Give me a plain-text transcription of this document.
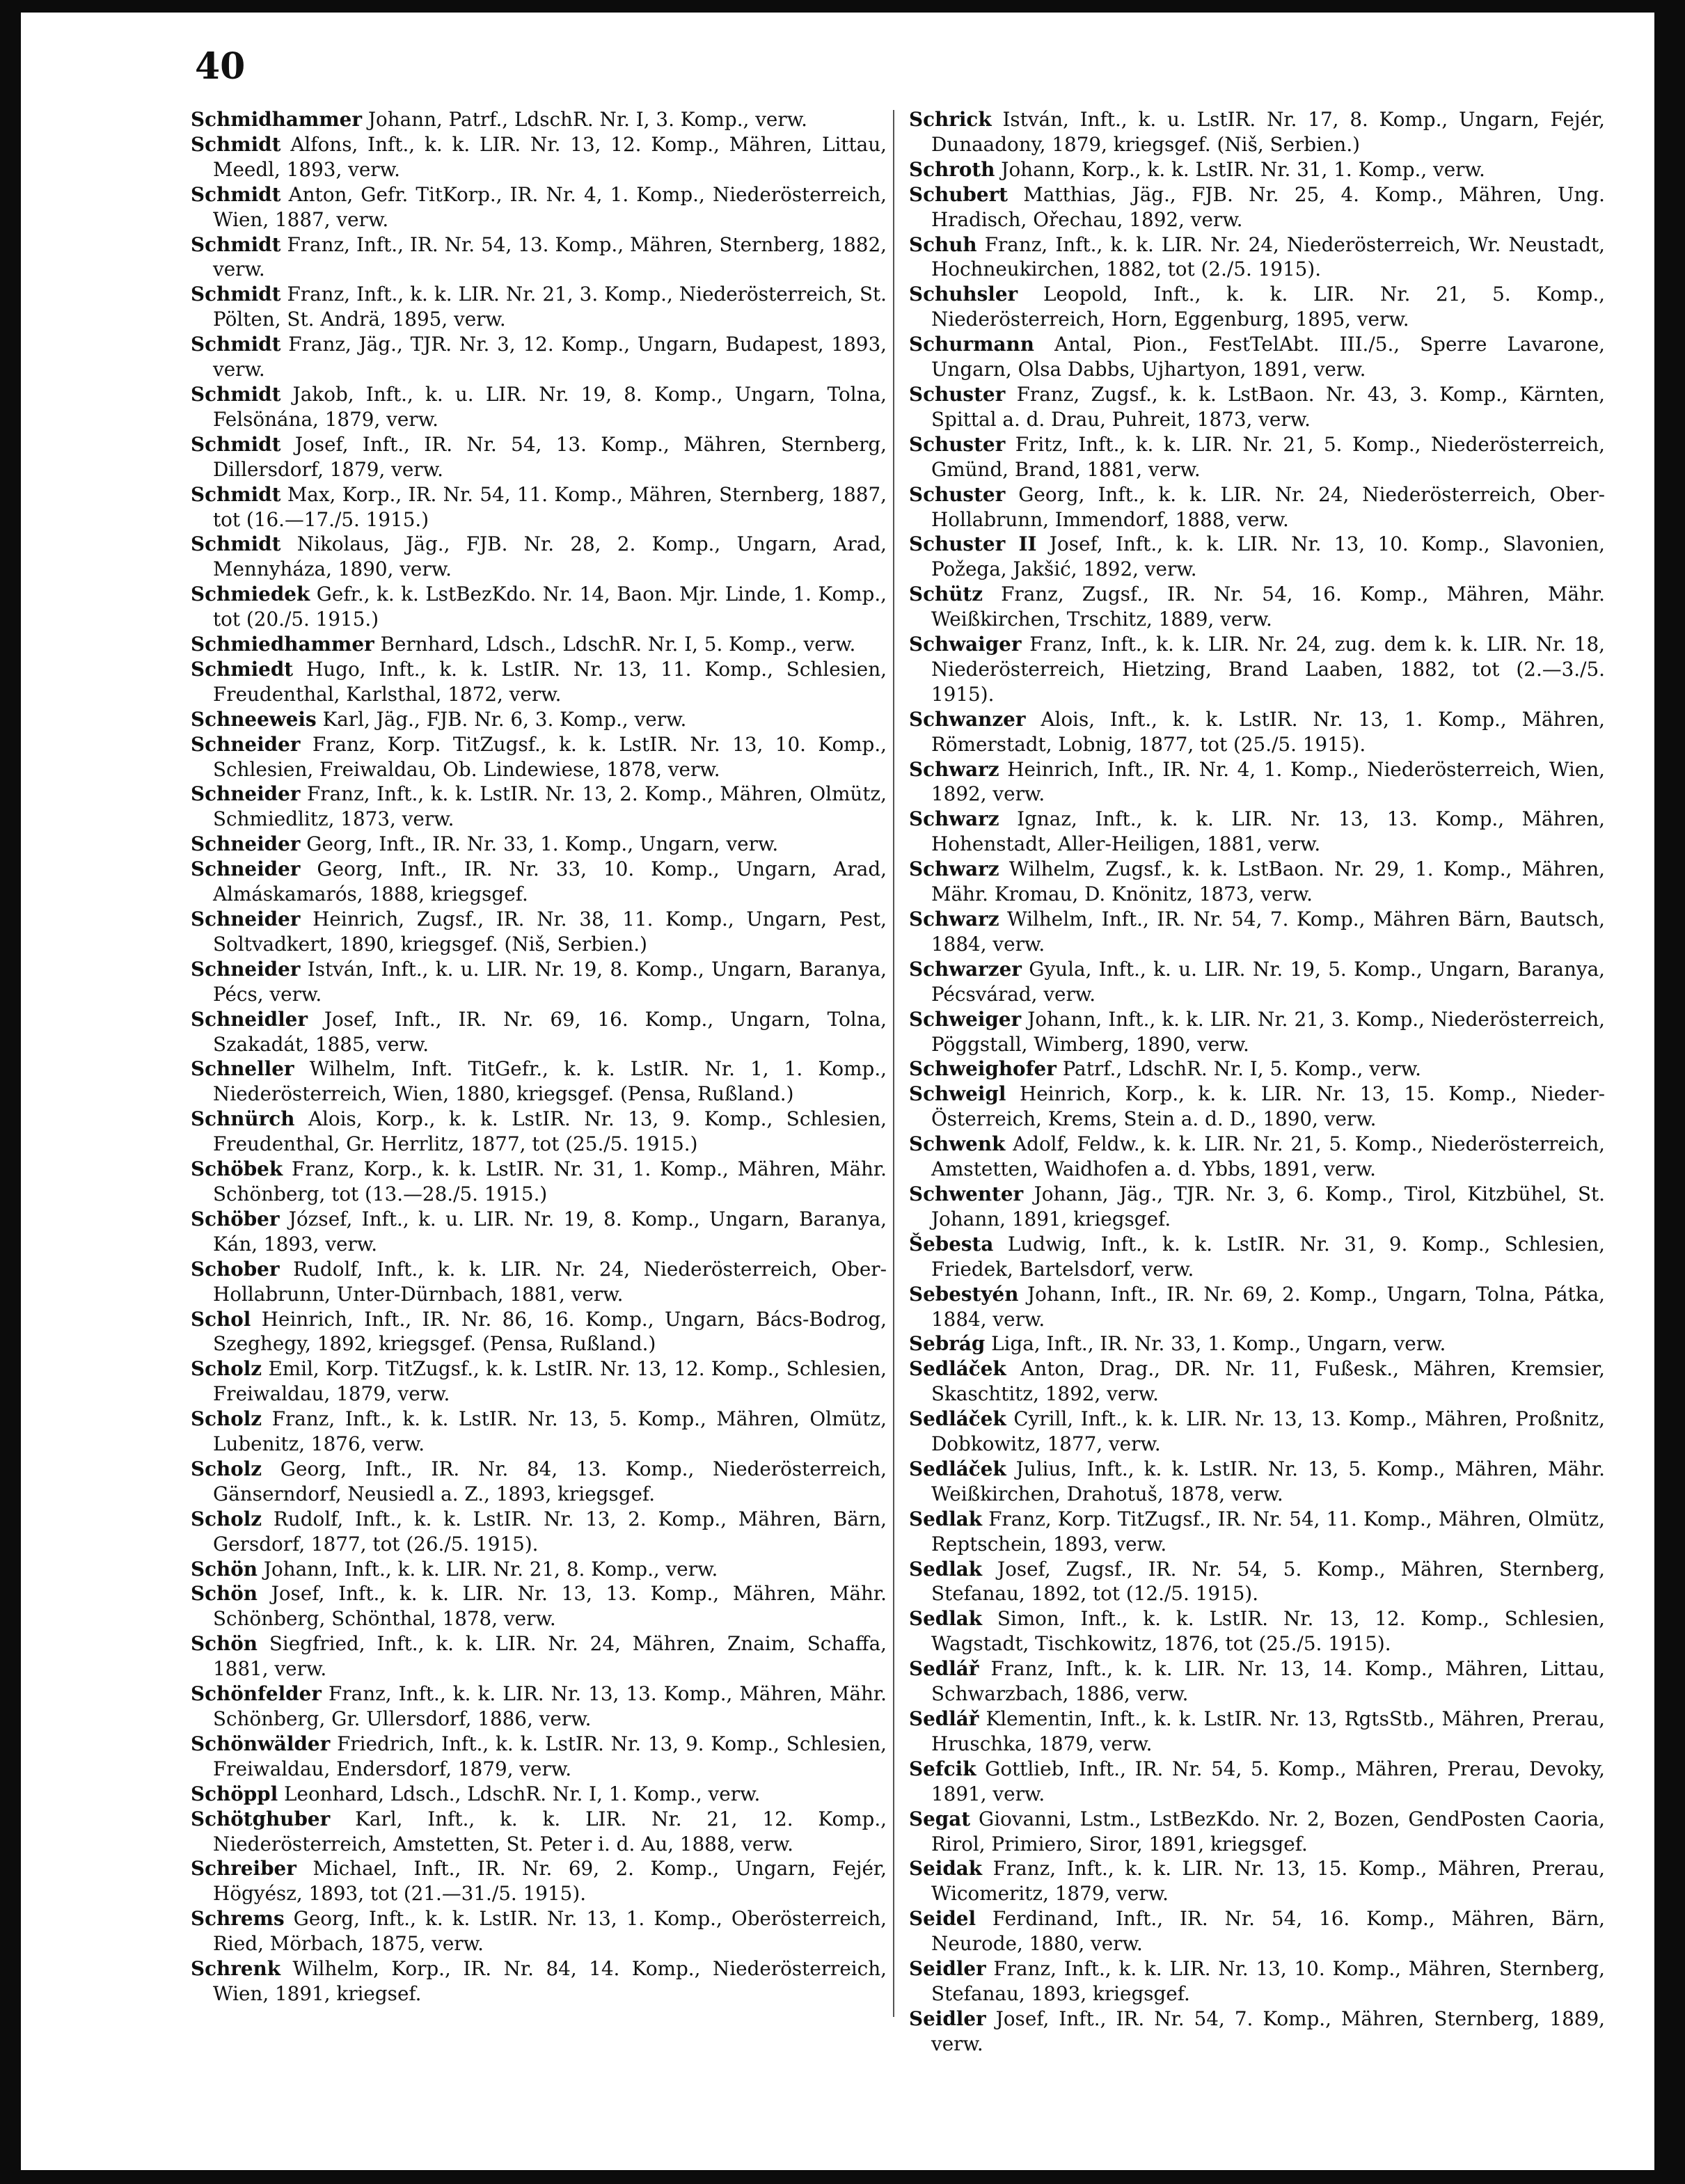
40
Schmidhammer Johann, Patrf., LdschR. Nr. I, 3. Komp., verw.
Schmidt Alfons, Inft., k. k. LIR. Nr. 13, 12. Komp., Mähren, Littau, Meedl, 1893, verw.
Schmidt Anton, Gefr. TitKorp., IR. Nr. 4, 1. Komp., Niederösterreich, Wien, 1887, verw.
Schmidt Franz, Inft., IR. Nr. 54, 13. Komp., Mähren, Sternberg, 1882, verw.
Schmidt Franz, Inft., k. k. LIR. Nr. 21, 3. Komp., Niederösterreich, St. Pölten, St. Andrä, 1895, verw.
Schmidt Franz, Jäg., TJR. Nr. 3, 12. Komp., Ungarn, Budapest, 1893, verw.
Schmidt Jakob, Inft., k. u. LIR. Nr. 19, 8. Komp., Ungarn, Tolna, Felsönána, 1879, verw.
Schmidt Josef, Inft., IR. Nr. 54, 13. Komp., Mähren, Sternberg, Dillersdorf, 1879, verw.
Schmidt Max, Korp., IR. Nr. 54, 11. Komp., Mähren, Sternberg, 1887, tot (16.—17./5. 1915.)
Schmidt Nikolaus, Jäg., FJB. Nr. 28, 2. Komp., Ungarn, Arad, Mennyháza, 1890, verw.
Schmiedek Gefr., k. k. LstBezKdo. Nr. 14, Baon. Mjr. Linde, 1. Komp., tot (20./5. 1915.)
Schmiedhammer Bernhard, Ldsch., LdschR. Nr. I, 5. Komp., verw.
Schmiedt Hugo, Inft., k. k. LstIR. Nr. 13, 11. Komp., Schlesien, Freudenthal, Karlsthal, 1872, verw.
Schneeweis Karl, Jäg., FJB. Nr. 6, 3. Komp., verw.
Schneider Franz, Korp. TitZugsf., k. k. LstIR. Nr. 13, 10. Komp., Schlesien, Freiwaldau, Ob. Lindewiese, 1878, verw.
Schneider Franz, Inft., k. k. LstIR. Nr. 13, 2. Komp., Mähren, Olmütz, Schmiedlitz, 1873, verw.
Schneider Georg, Inft., IR. Nr. 33, 1. Komp., Ungarn, verw.
Schneider Georg, Inft., IR. Nr. 33, 10. Komp., Ungarn, Arad, Almáskamarós, 1888, kriegsgef.
Schneider Heinrich, Zugsf., IR. Nr. 38, 11. Komp., Ungarn, Pest, Soltvadkert, 1890, kriegsgef. (Niš, Serbien.)
Schneider István, Inft., k. u. LIR. Nr. 19, 8. Komp., Ungarn, Baranya, Pécs, verw.
Schneidler Josef, Inft., IR. Nr. 69, 16. Komp., Ungarn, Tolna, Szakadát, 1885, verw.
Schneller Wilhelm, Inft. TitGefr., k. k. LstIR. Nr. 1, 1. Komp., Niederösterreich, Wien, 1880, kriegsgef. (Pensa, Rußland.)
Schnürch Alois, Korp., k. k. LstIR. Nr. 13, 9. Komp., Schlesien, Freudenthal, Gr. Herrlitz, 1877, tot (25./5. 1915.)
Schöbek Franz, Korp., k. k. LstIR. Nr. 31, 1. Komp., Mähren, Mähr. Schönberg, tot (13.—28./5. 1915.)
Schöber József, Inft., k. u. LIR. Nr. 19, 8. Komp., Ungarn, Baranya, Kán, 1893, verw.
Schober Rudolf, Inft., k. k. LIR. Nr. 24, Niederösterreich, Ober-Hollabrunn, Unter-Dürnbach, 1881, verw.
Schol Heinrich, Inft., IR. Nr. 86, 16. Komp., Ungarn, Bács-Bodrog, Szeghegy, 1892, kriegsgef. (Pensa, Rußland.)
Scholz Emil, Korp. TitZugsf., k. k. LstIR. Nr. 13, 12. Komp., Schlesien, Freiwaldau, 1879, verw.
Scholz Franz, Inft., k. k. LstIR. Nr. 13, 5. Komp., Mähren, Olmütz, Lubenitz, 1876, verw.
Scholz Georg, Inft., IR. Nr. 84, 13. Komp., Niederösterreich, Gänserndorf, Neusiedl a. Z., 1893, kriegsgef.
Scholz Rudolf, Inft., k. k. LstIR. Nr. 13, 2. Komp., Mähren, Bärn, Gersdorf, 1877, tot (26./5. 1915).
Schön Johann, Inft., k. k. LIR. Nr. 21, 8. Komp., verw.
Schön Josef, Inft., k. k. LIR. Nr. 13, 13. Komp., Mähren, Mähr. Schönberg, Schönthal, 1878, verw.
Schön Siegfried, Inft., k. k. LIR. Nr. 24, Mähren, Znaim, Schaffa, 1881, verw.
Schönfelder Franz, Inft., k. k. LIR. Nr. 13, 13. Komp., Mähren, Mähr. Schönberg, Gr. Ullersdorf, 1886, verw.
Schönwälder Friedrich, Inft., k. k. LstIR. Nr. 13, 9. Komp., Schlesien, Freiwaldau, Endersdorf, 1879, verw.
Schöppl Leonhard, Ldsch., LdschR. Nr. I, 1. Komp., verw.
Schötghuber Karl, Inft., k. k. LIR. Nr. 21, 12. Komp., Niederösterreich, Amstetten, St. Peter i. d. Au, 1888, verw.
Schreiber Michael, Inft., IR. Nr. 69, 2. Komp., Ungarn, Fejér, Högyész, 1893, tot (21.—31./5. 1915).
Schrems Georg, Inft., k. k. LstIR. Nr. 13, 1. Komp., Oberösterreich, Ried, Mörbach, 1875, verw.
Schrenk Wilhelm, Korp., IR. Nr. 84, 14. Komp., Niederösterreich, Wien, 1891, kriegsef.
Schrick István, Inft., k. u. LstIR. Nr. 17, 8. Komp., Ungarn, Fejér, Dunaadony, 1879, kriegsgef. (Niš, Serbien.)
Schroth Johann, Korp., k. k. LstIR. Nr. 31, 1. Komp., verw.
Schubert Matthias, Jäg., FJB. Nr. 25, 4. Komp., Mähren, Ung. Hradisch, Ořechau, 1892, verw.
Schuh Franz, Inft., k. k. LIR. Nr. 24, Niederösterreich, Wr. Neustadt, Hochneukirchen, 1882, tot (2./5. 1915).
Schuhsler Leopold, Inft., k. k. LIR. Nr. 21, 5. Komp., Niederösterreich, Horn, Eggenburg, 1895, verw.
Schurmann Antal, Pion., FestTelAbt. III./5., Sperre Lavarone, Ungarn, Olsa Dabbs, Ujhartyon, 1891, verw.
Schuster Franz, Zugsf., k. k. LstBaon. Nr. 43, 3. Komp., Kärnten, Spittal a. d. Drau, Puhreit, 1873, verw.
Schuster Fritz, Inft., k. k. LIR. Nr. 21, 5. Komp., Niederösterreich, Gmünd, Brand, 1881, verw.
Schuster Georg, Inft., k. k. LIR. Nr. 24, Niederösterreich, Ober-Hollabrunn, Immendorf, 1888, verw.
Schuster II Josef, Inft., k. k. LIR. Nr. 13, 10. Komp., Slavonien, Požega, Jakšić, 1892, verw.
Schütz Franz, Zugsf., IR. Nr. 54, 16. Komp., Mähren, Mähr. Weißkirchen, Trschitz, 1889, verw.
Schwaiger Franz, Inft., k. k. LIR. Nr. 24, zug. dem k. k. LIR. Nr. 18, Niederösterreich, Hietzing, Brand Laaben, 1882, tot (2.—3./5. 1915).
Schwanzer Alois, Inft., k. k. LstIR. Nr. 13, 1. Komp., Mähren, Römerstadt, Lobnig, 1877, tot (25./5. 1915).
Schwarz Heinrich, Inft., IR. Nr. 4, 1. Komp., Niederösterreich, Wien, 1892, verw.
Schwarz Ignaz, Inft., k. k. LIR. Nr. 13, 13. Komp., Mähren, Hohenstadt, Aller-Heiligen, 1881, verw.
Schwarz Wilhelm, Zugsf., k. k. LstBaon. Nr. 29, 1. Komp., Mähren, Mähr. Kromau, D. Knönitz, 1873, verw.
Schwarz Wilhelm, Inft., IR. Nr. 54, 7. Komp., Mähren Bärn, Bautsch, 1884, verw.
Schwarzer Gyula, Inft., k. u. LIR. Nr. 19, 5. Komp., Ungarn, Baranya, Pécsvárad, verw.
Schweiger Johann, Inft., k. k. LIR. Nr. 21, 3. Komp., Niederösterreich, Pöggstall, Wimberg, 1890, verw.
Schweighofer Patrf., LdschR. Nr. I, 5. Komp., verw.
Schweigl Heinrich, Korp., k. k. LIR. Nr. 13, 15. Komp., Nieder-Österreich, Krems, Stein a. d. D., 1890, verw.
Schwenk Adolf, Feldw., k. k. LIR. Nr. 21, 5. Komp., Niederösterreich, Amstetten, Waidhofen a. d. Ybbs, 1891, verw.
Schwenter Johann, Jäg., TJR. Nr. 3, 6. Komp., Tirol, Kitzbühel, St. Johann, 1891, kriegsgef.
Šebesta Ludwig, Inft., k. k. LstIR. Nr. 31, 9. Komp., Schlesien, Friedek, Bartelsdorf, verw.
Sebestyén Johann, Inft., IR. Nr. 69, 2. Komp., Ungarn, Tolna, Pátka, 1884, verw.
Sebrág Liga, Inft., IR. Nr. 33, 1. Komp., Ungarn, verw.
Sedláček Anton, Drag., DR. Nr. 11, Fußesk., Mähren, Kremsier, Skaschtitz, 1892, verw.
Sedláček Cyrill, Inft., k. k. LIR. Nr. 13, 13. Komp., Mähren, Proßnitz, Dobkowitz, 1877, verw.
Sedláček Julius, Inft., k. k. LstIR. Nr. 13, 5. Komp., Mähren, Mähr. Weißkirchen, Drahotuš, 1878, verw.
Sedlak Franz, Korp. TitZugsf., IR. Nr. 54, 11. Komp., Mähren, Olmütz, Reptschein, 1893, verw.
Sedlak Josef, Zugsf., IR. Nr. 54, 5. Komp., Mähren, Sternberg, Stefanau, 1892, tot (12./5. 1915).
Sedlak Simon, Inft., k. k. LstIR. Nr. 13, 12. Komp., Schlesien, Wagstadt, Tischkowitz, 1876, tot (25./5. 1915).
Sedlář Franz, Inft., k. k. LIR. Nr. 13, 14. Komp., Mähren, Littau, Schwarzbach, 1886, verw.
Sedlář Klementin, Inft., k. k. LstIR. Nr. 13, RgtsStb., Mähren, Prerau, Hruschka, 1879, verw.
Sefcik Gottlieb, Inft., IR. Nr. 54, 5. Komp., Mähren, Prerau, Devoky, 1891, verw.
Segat Giovanni, Lstm., LstBezKdo. Nr. 2, Bozen, GendPosten Caoria, Rirol, Primiero, Siror, 1891, kriegsgef.
Seidak Franz, Inft., k. k. LIR. Nr. 13, 15. Komp., Mähren, Prerau, Wicomeritz, 1879, verw.
Seidel Ferdinand, Inft., IR. Nr. 54, 16. Komp., Mähren, Bärn, Neurode, 1880, verw.
Seidler Franz, Inft., k. k. LIR. Nr. 13, 10. Komp., Mähren, Sternberg, Stefanau, 1893, kriegsgef.
Seidler Josef, Inft., IR. Nr. 54, 7. Komp., Mähren, Sternberg, 1889, verw.
